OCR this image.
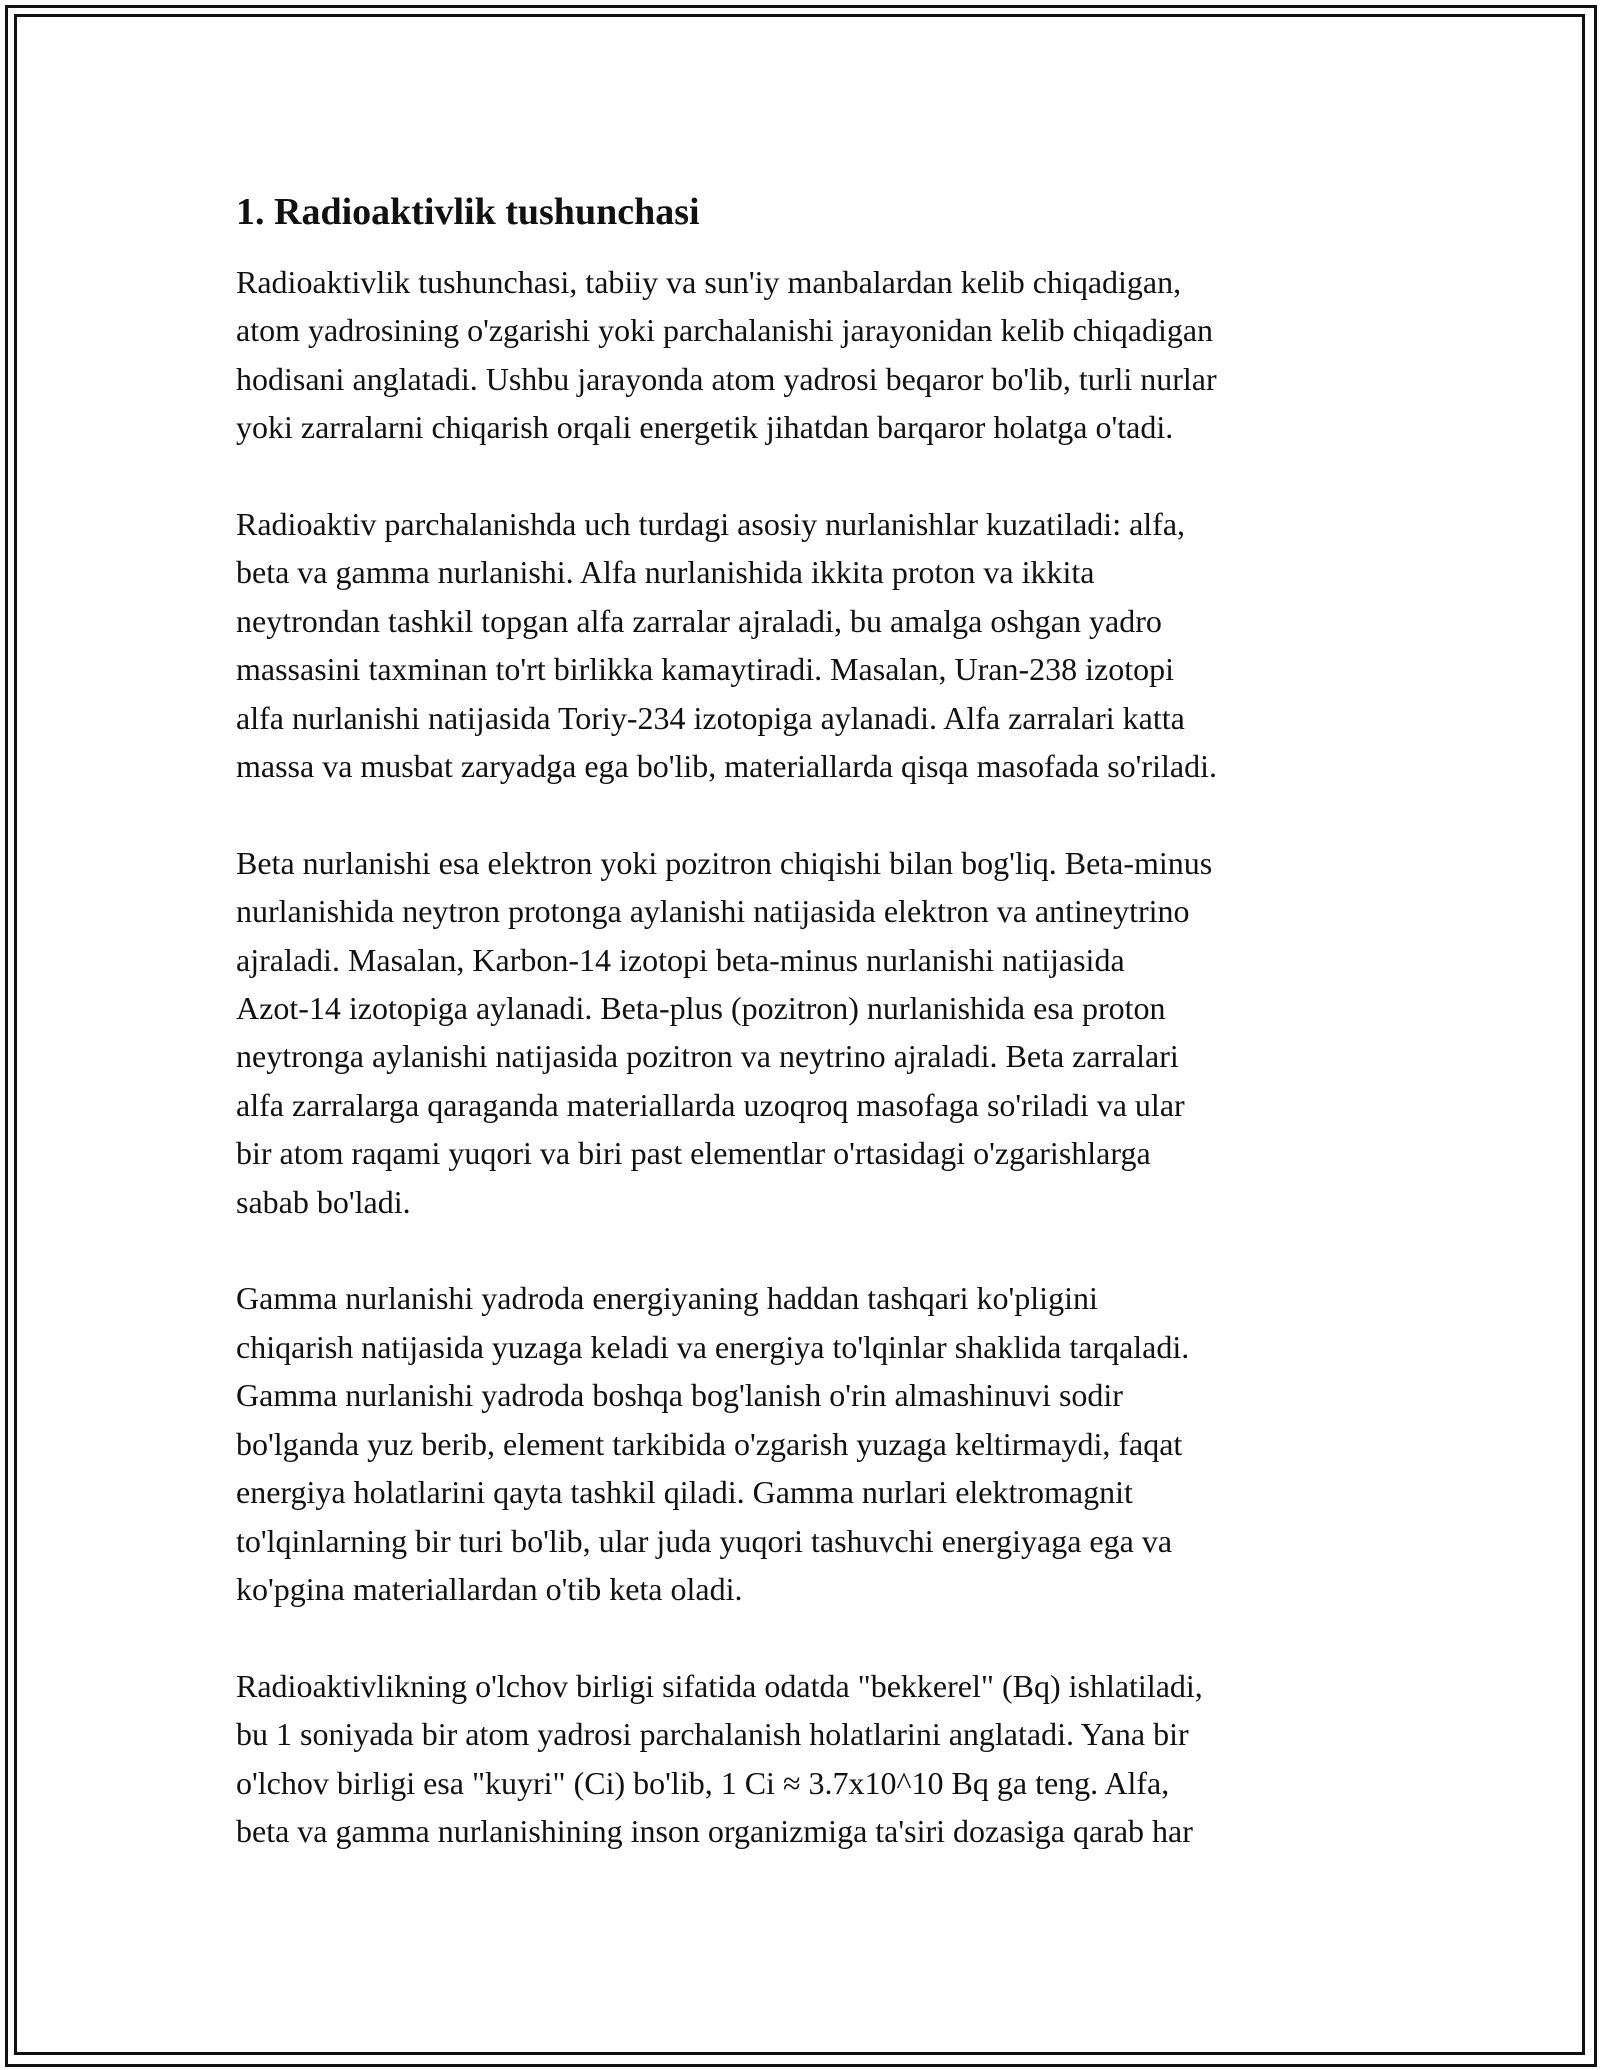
1. Radioaktivlik tushunchasi
Radioaktivlik tushunchasi, tabiiy va sun'iy manbalardan kelib chiqadigan,
atom yadrosining o'zgarishi yoki parchalanishi jarayonidan kelib chiqadigan
hodisani anglatadi. Ushbu jarayonda atom yadrosi beqaror bo'lib, turli nurlar
yoki zarralarni chiqarish orqali energetik jihatdan barqaror holatga o'tadi.
Radioaktiv parchalanishda uch turdagi asosiy nurlanishlar kuzatiladi: alfa,
beta va gamma nurlanishi. Alfa nurlanishida ikkita proton va ikkita
neytrondan tashkil topgan alfa zarralar ajraladi, bu amalga oshgan yadro
massasini taxminan to'rt birlikka kamaytiradi. Masalan, Uran-238 izotopi
alfa nurlanishi natijasida Toriy-234 izotopiga aylanadi. Alfa zarralari katta
massa va musbat zaryadga ega bo'lib, materiallarda qisqa masofada so'riladi.
Beta nurlanishi esa elektron yoki pozitron chiqishi bilan bog'liq. Beta-minus
nurlanishida neytron protonga aylanishi natijasida elektron va antineytrino
ajraladi. Masalan, Karbon-14 izotopi beta-minus nurlanishi natijasida
Azot-14 izotopiga aylanadi. Beta-plus (pozitron) nurlanishida esa proton
neytronga aylanishi natijasida pozitron va neytrino ajraladi. Beta zarralari
alfa zarralarga qaraganda materiallarda uzoqroq masofaga so'riladi va ular
bir atom raqami yuqori va biri past elementlar o'rtasidagi o'zgarishlarga
sabab bo'ladi.
Gamma nurlanishi yadroda energiyaning haddan tashqari ko'pligini
chiqarish natijasida yuzaga keladi va energiya to'lqinlar shaklida tarqaladi.
Gamma nurlanishi yadroda boshqa bog'lanish o'rin almashinuvi sodir
bo'lganda yuz berib, element tarkibida o'zgarish yuzaga keltirmaydi, faqat
energiya holatlarini qayta tashkil qiladi. Gamma nurlari elektromagnit
to'lqinlarning bir turi bo'lib, ular juda yuqori tashuvchi energiyaga ega va
ko'pgina materiallardan o'tib keta oladi.
Radioaktivlikning o'lchov birligi sifatida odatda "bekkerel" (Bq) ishlatiladi,
bu 1 soniyada bir atom yadrosi parchalanish holatlarini anglatadi. Yana bir
o'lchov birligi esa "kuyri" (Ci) bo'lib, 1 Ci ≈ 3.7x10^10 Bq ga teng. Alfa,
beta va gamma nurlanishining inson organizmiga ta'siri dozasiga qarab har
